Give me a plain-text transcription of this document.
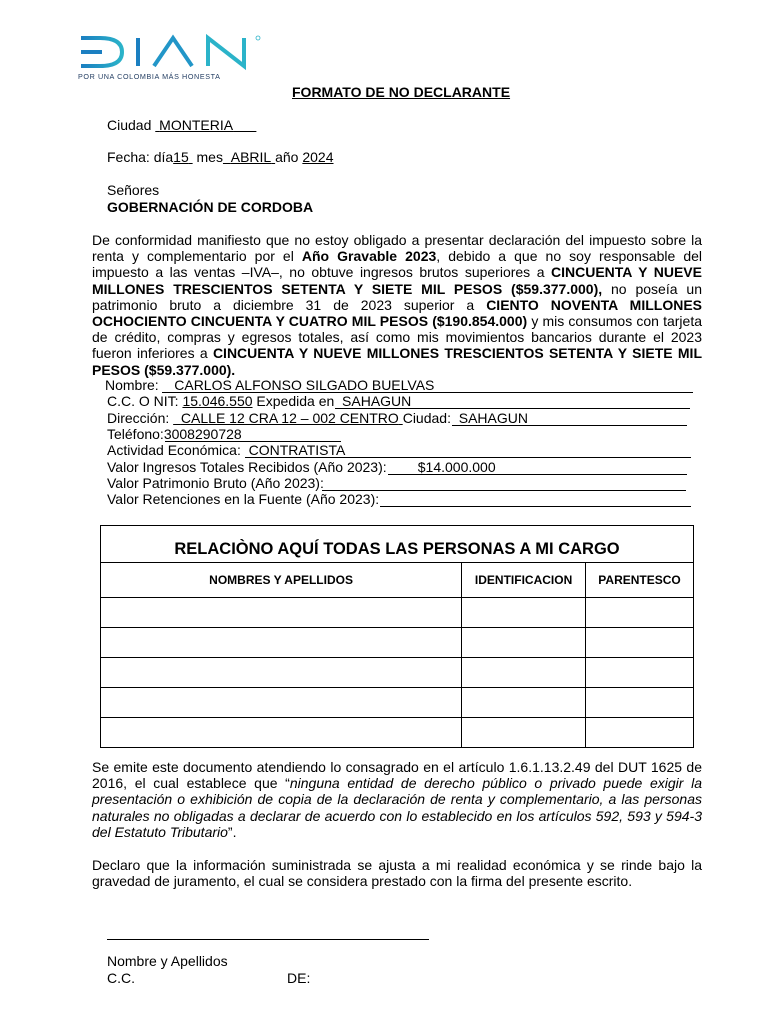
POR UNA COLOMBIA MÁS HONESTA
FORMATO DE NO DECLARANTE
Ciudad MONTERIA
Fecha: día15 mes ABRIL año 2024
Señores
GOBERNACIÓN DE CORDOBA
De conformidad manifiesto que no estoy obligado a presentar declaración del impuesto sobre la renta y complementario por el Año Gravable 2023, debido a que no soy responsable del impuesto a las ventas –IVA–, no obtuve ingresos brutos superiores a CINCUENTA Y NUEVE MILLONES TRESCIENTOS SETENTA Y SIETE MIL PESOS ($59.377.000), no poseía un patrimonio bruto a diciembre 31 de 2023 superior a CIENTO NOVENTA MILLONES OCHOCIENTO CINCUENTA Y CUATRO MIL PESOS ($190.854.000) y mis consumos con tarjeta de crédito, compras y egresos totales, así como mis movimientos bancarios durante el 2023 fueron inferiores a CINCUENTA Y NUEVE MILLONES TRESCIENTOS SETENTA Y SIETE MIL PESOS ($59.377.000).
Nombre: CARLOS ALFONSO SILGADO BUELVAS
C.C. O NIT: 15.046.550 Expedida en SAHAGUN
Dirección: CALLE 12 CRA 12 – 002 CENTRO Ciudad: SAHAGUN
Teléfono:3008290728
Actividad Económica: CONTRATISTA
Valor Ingresos Totales Recibidos (Año 2023): $14.000.000
Valor Patrimonio Bruto (Año 2023):
Valor Retenciones en la Fuente (Año 2023):
RELACIÒNO AQUÍ TODAS LAS PERSONAS A MI CARGO		
NOMBRES Y APELLIDOS	IDENTIFICACION	PARENTESCO

Se emite este documento atendiendo lo consagrado en el artículo 1.6.1.13.2.49 del DUT 1625 de 2016, el cual establece que “ninguna entidad de derecho público o privado puede exigir la presentación o exhibición de copia de la declaración de renta y complementario, a las personas naturales no obligadas a declarar de acuerdo con lo establecido en los artículos 592, 593 y 594-3 del Estatuto Tributario”.
Declaro que la información suministrada se ajusta a mi realidad económica y se rinde bajo la gravedad de juramento, el cual se considera prestado con la firma del presente escrito.
Nombre y Apellidos
C.C.	DE:
